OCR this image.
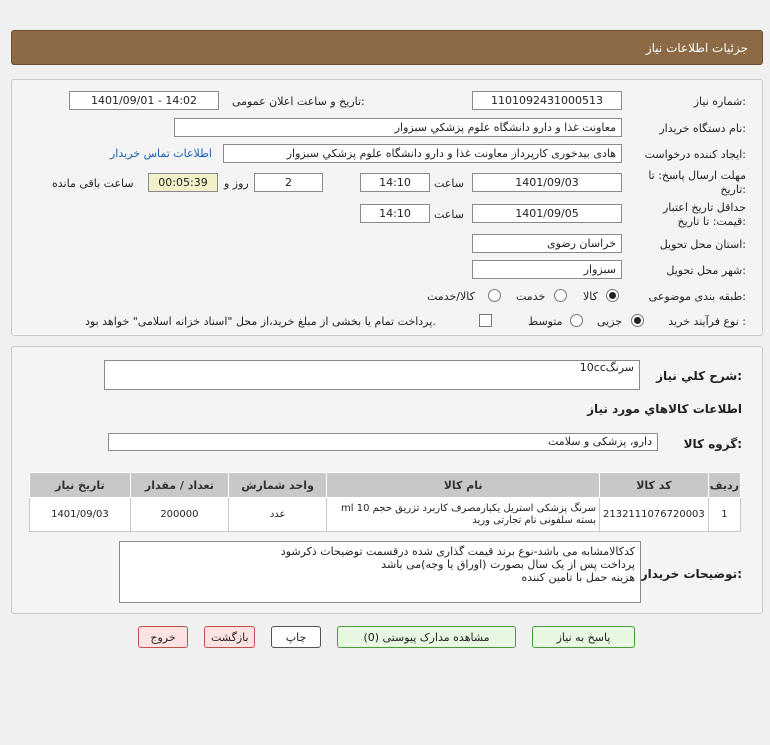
جزئیات اطلاعات نیاز
شماره نیاز:
1101092431000513
تاریخ و ساعت اعلان عمومی:
1401/09/01 - 14:02
نام دستگاه خریدار:
معاونت غذا و دارو دانشگاه علوم پزشکي سبزوار
ایجاد کننده درخواست:
هادی بیدخوری کارپرداز معاونت غذا و دارو دانشگاه علوم پزشکي سبزوار
اطلاعات تماس خریدار
مهلت ارسال پاسخ: تا
تاریخ:
1401/09/03
ساعت
14:10
2
روز و
00:05:39
ساعت باقی مانده
حداقل تاریخ اعتبار
قیمت: تا تاریخ:
1401/09/05
ساعت
14:10
استان محل تحویل:
خراسان رضوی
شهر محل تحویل:
سبزوار
طبقه بندی موضوعی:
کالا
خدمت
کالا/خدمت
نوع فرآیند خرید :
جزیی
متوسط
پرداخت تمام یا بخشی از مبلغ خرید،از محل "اسناد خزانه اسلامی" خواهد بود.
شرح کلي نياز:
سرنگ10cc
اطلاعات کالاهاي مورد نياز
گروه کالا:
دارو، پزشکی و سلامت
ردیف	کد کالا	نام کالا	واحد شمارش	تعداد / مقدار	تاریخ نیاز
1	2132111076720003	سرنگ پزشکی استریل یکبارمصرف کاربرد تزریق حجم 10 ml
بسته سلفونی نام تجارتی ورید	عدد	200000	1401/09/03
توضیحات خریدار:
کدکالامشابه می باشد-نوع برند قیمت گذاری شده درقسمت توضیحات ذکرشود
پرداخت پس از یک سال بصورت (اوراق یا وجه)می باشد
هزینه حمل با تامین کننده
پاسخ به نیاز
مشاهده مدارک پیوستی (0)
چاپ
بازگشت
خروج
